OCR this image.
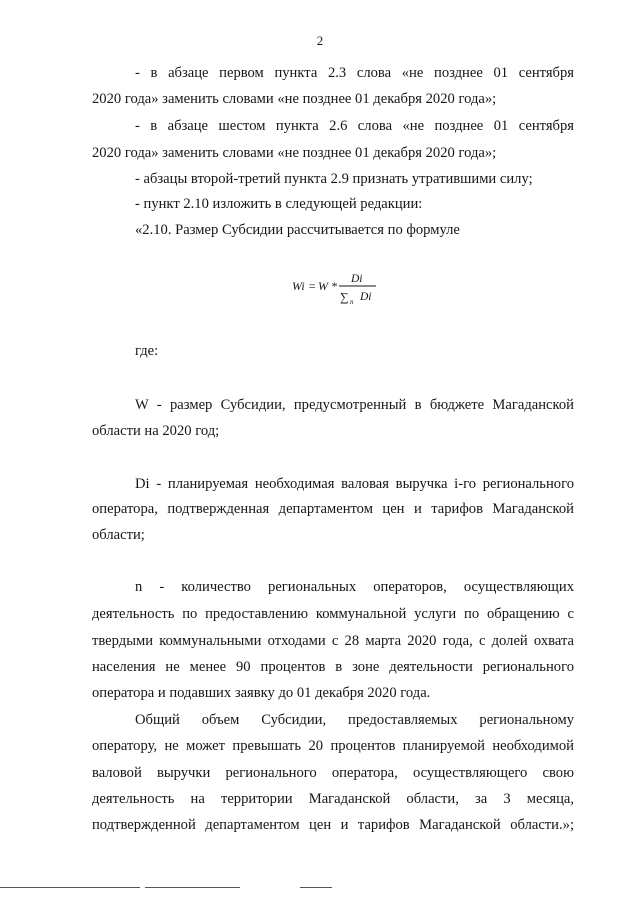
2
- в абзаце первом пункта 2.3 слова «не позднее 01 сентября
2020 года» заменить словами «не позднее 01 декабря 2020 года»;
- в абзаце шестом пункта 2.6 слова «не позднее 01 сентября
2020 года» заменить словами «не позднее 01 декабря 2020 года»;
- абзацы второй-третий пункта 2.9 признать утратившими силу;
- пункт 2.10 изложить в следующей редакции:
«2.10. Размер Субсидии рассчитывается по формуле
Wi = W * Di
∑ n Di
где:
W - размер Субсидии, предусмотренный в бюджете Магаданской
области на 2020 год;
Di - планируемая необходимая валовая выручка i-го регионального
оператора, подтвержденная департаментом цен и тарифов Магаданской
области;
n - количество региональных операторов, осуществляющих
деятельность по предоставлению коммунальной услуги по обращению с
твердыми коммунальными отходами с 28 марта 2020 года, с долей охвата
населения не менее 90 процентов в зоне деятельности регионального
оператора и подавших заявку до 01 декабря 2020 года.
Общий объем Субсидии, предоставляемых региональному
оператору, не может превышать 20 процентов планируемой необходимой
валовой выручки регионального оператора, осуществляющего свою
деятельность на территории Магаданской области, за 3 месяца,
подтвержденной департаментом цен и тарифов Магаданской области.»;
